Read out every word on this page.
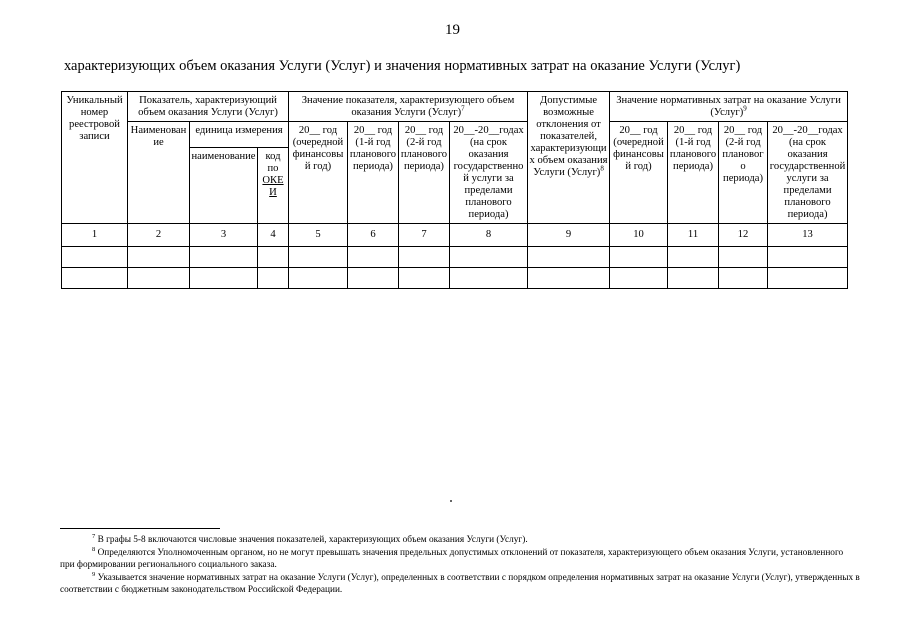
19
характеризующих объем оказания Услуги (Услуг) и значения нормативных затрат на оказание Услуги (Услуг)
Уникальный номер реестровой записи	Показатель, характеризующий объем оказания Услуги (Услуг)			Значение показателя, характеризующего объем оказания Услуги (Услуг)$^7$				Допустимые возможные отклонения от показателей, характеризующих объем оказания Услуги (Услуг)$^8$	Значение нормативных затрат на оказание Услуги (Услуг)$^9$
	Наименование	единица измерения		20__ год (очередной финансовый год)	20__ год (1-й год планового периода)	20__ год (2-й год планового периода)	20__-20__годах (на срок оказания государственной услуги за пределами планового периода)		20__ год (очередной финансовый год)	20__ год (1-й год планового периода)	20__ год (2-й год планового периода)	20__-20__годах (на срок оказания государственной услуги за пределами планового периода)
		наименование	код по ОКЕИ									
1	2	3	4	5	6	7	8	9	10	11	12	13

$^7$ В графы 5-8 включаются числовые значения показателей, характеризующих объем оказания Услуги (Услуг).
$^8$ Определяются Уполномоченным органом, но не могут превышать значения предельных допустимых отклонений от показателя, характеризующего объем оказания Услуги, установленного при формировании регионального социального заказа.
$^9$ Указывается значение нормативных затрат на оказание Услуги (Услуг), определенных в соответствии с порядком определения нормативных затрат на оказание Услуги (Услуг), утвержденных в соответствии с бюджетным законодательством Российской Федерации.
